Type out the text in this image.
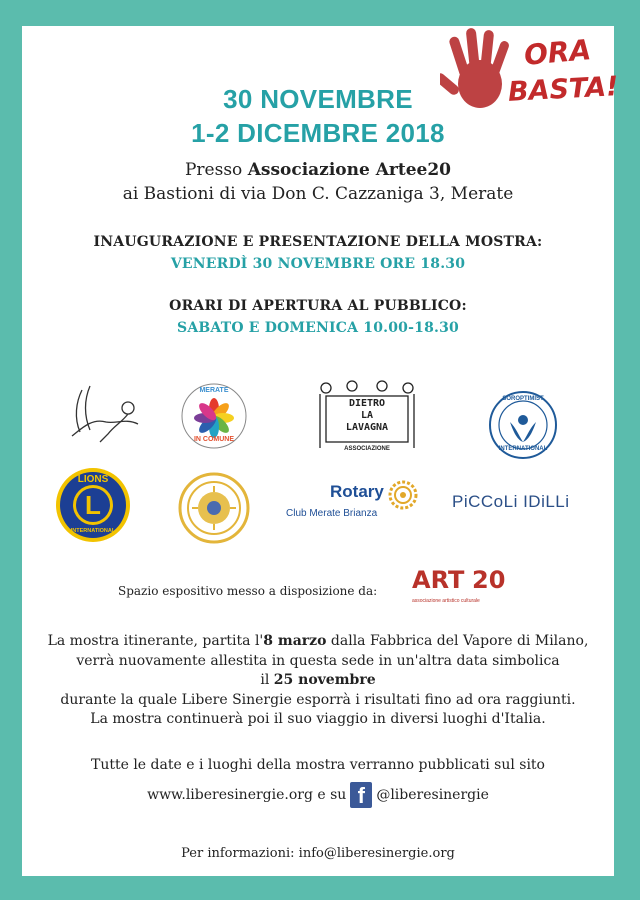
ORA
BASTA!
30 NOVEMBRE
1-2 DICEMBRE 2018
Presso Associazione Artee20
ai Bastioni di via Don C. Cazzaniga 3, Merate
INAUGURAZIONE E PRESENTAZIONE DELLA MOSTRA:
VENERDÌ 30 NOVEMBRE ORE 18.30
ORARI DI APERTURA AL PUBBLICO:
SABATO E DOMENICA 10.00-18.30
MERATE
IN COMUNE
DIETRO
LA
LAVAGNA
ASSOCIAZIONE
SOROPTIMIST
INTERNATIONAL
LIONS
L
INTERNATIONAL
Rotary
Club Merate Brianza
PiCCoLi IDiLLi
Spazio espositivo messo a disposizione da: ART 20
associazione artistico culturale
La mostra itinerante, partita l'8 marzo dalla Fabbrica del Vapore di Milano,
verrà nuovamente allestita in questa sede in un'altra data simbolica
il 25 novembre
durante la quale Libere Sinergie esporrà i risultati fino ad ora raggiunti.
La mostra continuerà poi il suo viaggio in diversi luoghi d'Italia.
Tutte le date e i luoghi della mostra verranno pubblicati sul sito
www.liberesinergie.org e su f @liberesinergie
Per informazioni: info@liberesinergie.org
